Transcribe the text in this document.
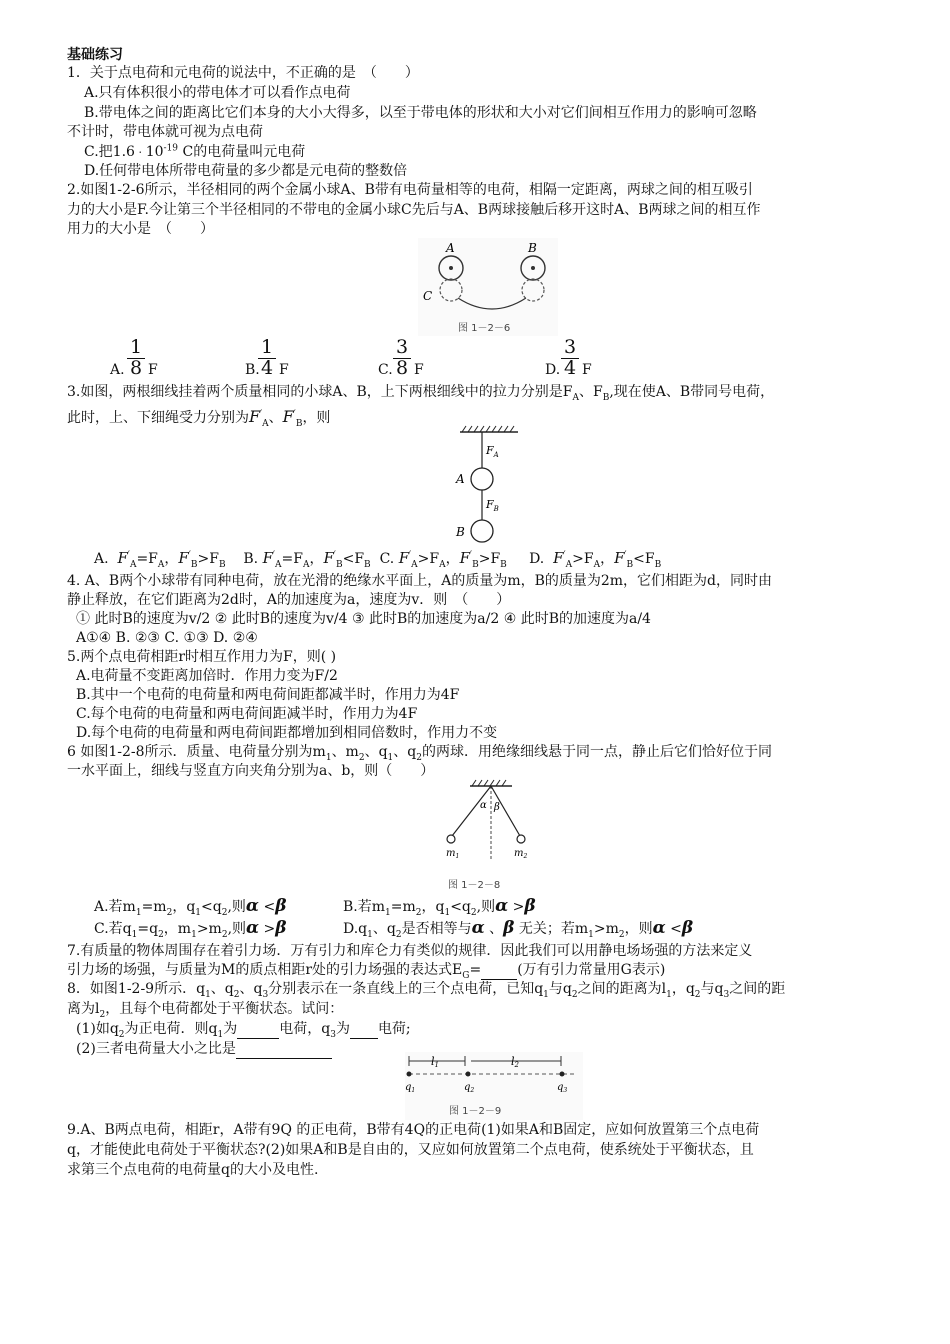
基础练习
1．关于点电荷和元电荷的说法中，不正确的是　（　　）
A.只有体积很小的带电体才可以看作点电荷
B.带电体之间的距离比它们本身的大小大得多，以至于带电体的形状和大小对它们间相互作用力的影响可忽略
不计时，带电体就可视为点电荷
C.把$1.6 \cdot 10^{-19}$ C的电荷量叫元电荷
D.任何带电体所带电荷量的多少都是元电荷的整数倍
2.如图1-2-6所示，半径相同的两个金属小球A、B带有电荷量相等的电荷，相隔一定距离，两球之间的相互吸引
力的大小是F.今让第三个半径相同的不带电的金属小球C先后与A、B两球接触后移开这时A、B两球之间的相互作
用力的大小是　（　　）
A	B
C
图 1－2－6
A.
1
8 F	B.
1
4 F	C.
3
8 F	D.
3
4 F
3.如图，两根细线挂着两个质量相同的小球A、B，上下两根细线中的拉力分别是$F_A$、$F_B$,现在使A、B带同号电荷，
此时，上、下细绳受力分别为$F'_A$、$F'_B$，则
$F_A$
A
$F_B$
B
A. $F'_A=F_A$，$F'_B>F_B$ B. $F'_A=F_A$，$F'_B<F_B$ C. $F'_A>F_A$，$F'_B>F_B$ D. $F'_A>F_A$，$F'_B<F_B$
4. A、B两个小球带有同种电荷，放在光滑的绝缘水平面上，A的质量为m，B的质量为2m，它们相距为d，同时由
静止释放，在它们距离为2d时，A的加速度为a，速度为v．则　（　　）
① 此时B的速度为v/2 ② 此时B的速度为v/4 ③ 此时B的加速度为a/2 ④ 此时B的加速度为a/4
A①④ B. ②③ C. ①③ D. ②④
5.两个点电荷相距r时相互作用力为F，则( )
A.电荷量不变距离加倍时．作用力变为F/2
B.其中一个电荷的电荷量和两电荷间距都减半时，作用力为4F
C.每个电荷的电荷量和两电荷间距减半时，作用力为4F
D.每个电荷的电荷量和两电荷间距都增加到相同倍数时，作用力不变
6 如图1-2-8所示．质量、电荷量分别为$m_1$、$m_2$、$q_1$、$q_2$的两球．用绝缘细线悬于同一点，静止后它们恰好位于同
一水平面上，细线与竖直方向夹角分别为a、b，则（　　）
α β
$m_1$	$m_2$
图 1－2－8
A.若$m_1=m_2$，$q_1<q_2$,则α <β	B.若$m_1=m_2$，$q_1<q_2$,则α >β
C.若$q_1=q_2$，$m_1>m_2$,则α >β	$D.q_1$、$q_2$是否相等与α 、β 无关；若$m_1>m_2$，则α <β
7.有质量的物体周围存在着引力场．万有引力和库仑力有类似的规律．因此我们可以用静电场场强的方法来定义
引力场的场强，与质量为M的质点相距r处的引力场强的表达式$E_G=$	(万有引力常量用G表示)
8．如图1-2-9所示．$q_1$、$q_2$、$q_3$分别表示在一条直线上的三个点电荷，已知$q_1$与$q_2$之间的距离为$l_1$，$q_2$与$q_3$之间的距
离为$l_2$，且每个电荷都处于平衡状态。试问：
(1)如$q_2$为正电荷．则$q_1$为	电荷，$q_3$为 电荷;
(2)三者电荷量大小之比是
l1	l2
$q_1$	$q_2$	$q_3$
图 1－2－9
9.A、B两点电荷，相距r，A带有9Q 的正电荷，B带有4Q的正电荷(1)如果A和B固定，应如何放置第三个点电荷
q，才能使此电荷处于平衡状态?(2)如果A和B是自由的，又应如何放置第二个点电荷，使系统处于平衡状态，且
求第三个点电荷的电荷量q的大小及电性.
